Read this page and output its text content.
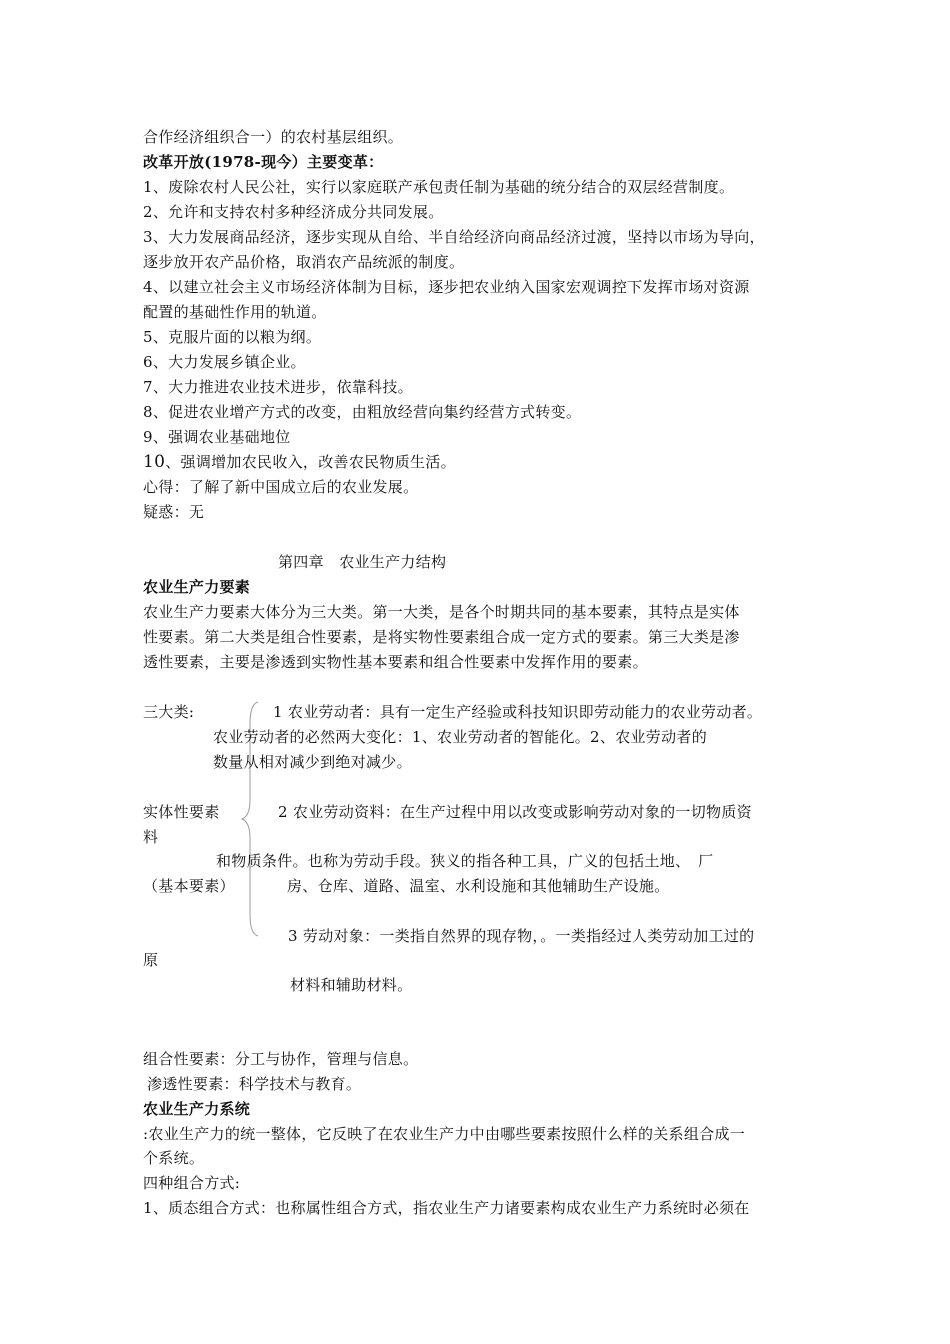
合作经济组织合一）的农村基层组织。
改革开放(1978-现今）主要变革：
1、废除农村人民公社，实行以家庭联产承包责任制为基础的统分结合的双层经营制度。
2、允许和支持农村多种经济成分共同发展。
3、大力发展商品经济，逐步实现从自给、半自给经济向商品经济过渡，坚持以市场为导向，
逐步放开农产品价格，取消农产品统派的制度。
4、以建立社会主义市场经济体制为目标，逐步把农业纳入国家宏观调控下发挥市场对资源
配置的基础性作用的轨道。
5、克服片面的以粮为纲。
6、大力发展乡镇企业。
7、大力推进农业技术进步，依靠科技。
8、促进农业增产方式的改变，由粗放经营向集约经营方式转变。
9、强调农业基础地位
10、强调增加农民收入，改善农民物质生活。
心得：了解了新中国成立后的农业发展。
疑惑：无
第四章　农业生产力结构
农业生产力要素
农业生产力要素大体分为三大类。第一大类，是各个时期共同的基本要素，其特点是实体
性要素。第二大类是组合性要素，是将实物性要素组合成一定方式的要素。第三大类是渗
透性要素，主要是渗透到实物性基本要素和组合性要素中发挥作用的要素。
三大类:	1 农业劳动者：具有一定生产经验或科技知识即劳动能力的农业劳动者。
农业劳动者的必然两大变化：1、农业劳动者的智能化。2、农业劳动者的
数量从相对减少到绝对减少。
实体性要素	2 农业劳动资料：在生产过程中用以改变或影响劳动对象的一切物质资
料
和物质条件。也称为劳动手段。狭义的指各种工具，广义的包括土地、　厂
（基本要素）	房、仓库、道路、温室、水利设施和其他辅助生产设施。
3 劳动对象：一类指自然界的现存物，。一类指经过人类劳动加工过的
原
材料和辅助材料。
组合性要素：分工与协作，管理与信息。
渗透性要素：科学技术与教育。
农业生产力系统
:农业生产力的统一整体，它反映了在农业生产力中由哪些要素按照什么样的关系组合成一
个系统。
四种组合方式:
1、质态组合方式：也称属性组合方式，指农业生产力诸要素构成农业生产力系统时必须在
